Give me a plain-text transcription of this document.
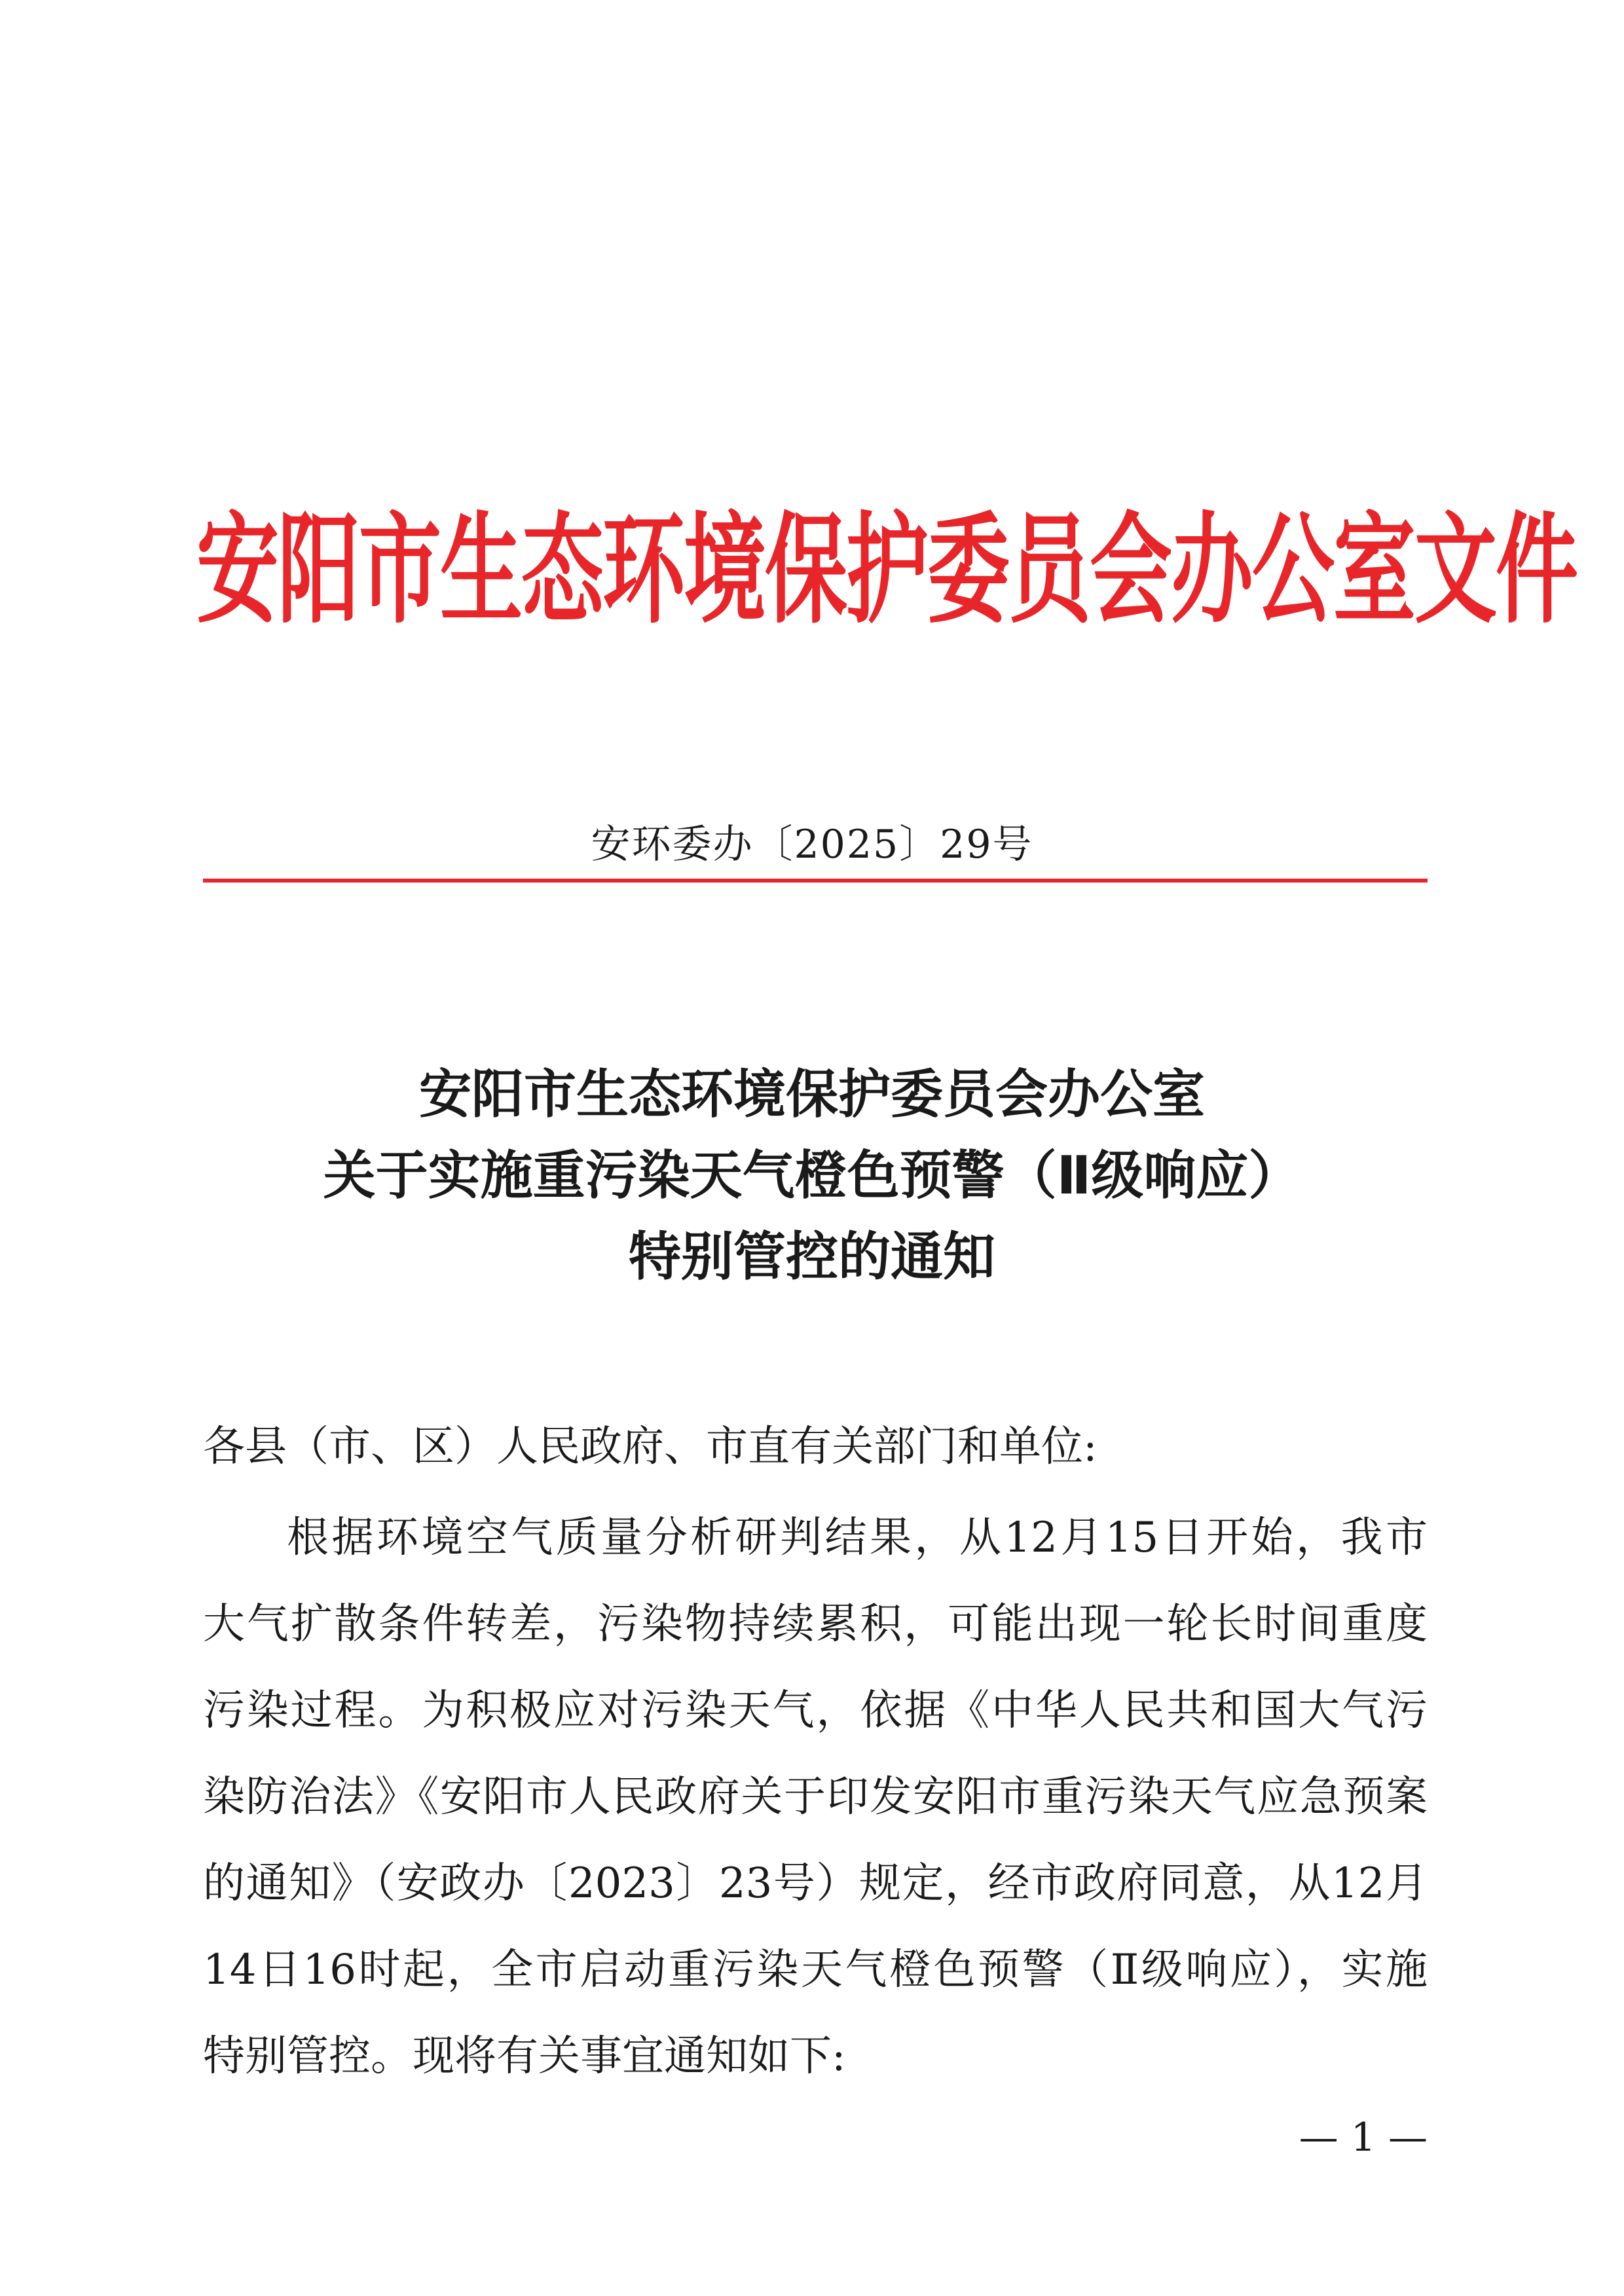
安阳市生态环境保护委员会办公室文件
安环委办〔2025〕29号
安阳市生态环境保护委员会办公室
关于实施重污染天气橙色预警（Ⅱ级响应）
特别管控的通知
各县（市、区）人民政府、市直有关部门和单位:
根据环境空气质量分析研判结果，从12月15日开始，我市
大气扩散条件转差，污染物持续累积，可能出现一轮长时间重度
污染过程。为积极应对污染天气，依据《中华人民共和国大气污
染防治法》《安阳市人民政府关于印发安阳市重污染天气应急预案
的通知》（安政办〔2023〕23号）规定，经市政府同意，从12月
14日16时起，全市启动重污染天气橙色预警（Ⅱ级响应），实施
特别管控。现将有关事宜通知如下:
— 1 —
